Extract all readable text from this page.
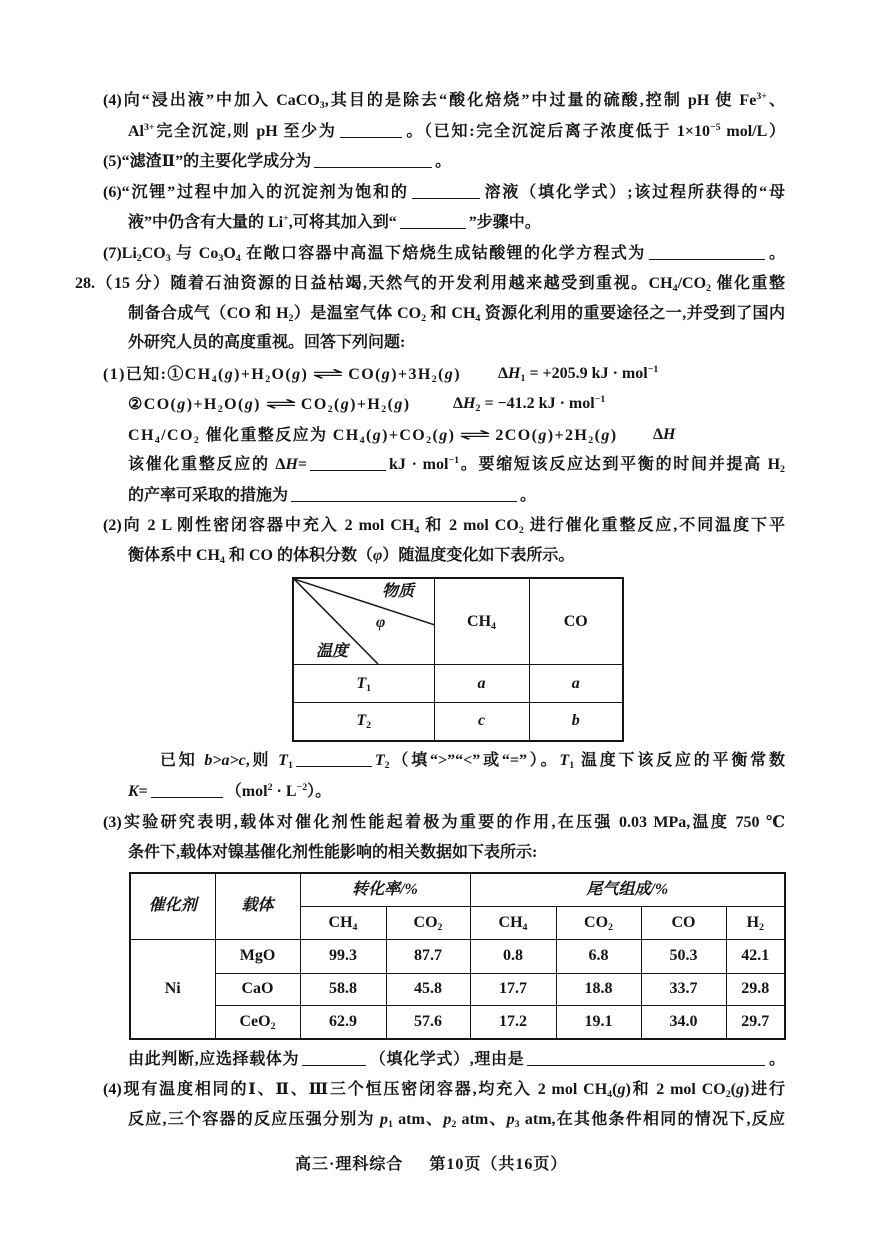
(4)向“浸出液”中加入 CaCO3,其目的是除去“酸化焙烧”中过量的硫酸,控制 pH 使 $Fe^{3+}$、
$Al^{3+}$完全沉淀,则 pH 至少为	。（已知:完全沉淀后离子浓度低于 $1\times 10^{-5}$ mol/L）
(5)“滤渣Ⅱ”的主要化学成分为	。
(6)“沉锂”过程中加入的沉淀剂为饱和的	溶液（填化学式）;该过程所获得的“母
液”中仍含有大量的 Li+,可将其加入到“	”步骤中。
(7)Li2CO3 与 Co3O4 在敞口容器中高温下焙烧生成钴酸锂的化学方程式为	。
28.（15 分）随着石油资源的日益枯竭,天然气的开发利用越来越受到重视。CH4/CO2 催化重整
制备合成气（CO 和 H2）是温室气体 CO2 和 CH4 资源化利用的重要途径之一,并受到了国内
外研究人员的高度重视。回答下列问题:
(1)已知:①CH4(g)+H2O(g) ⇌ CO(g)+3H2(g) ΔH1 = +205.9 kJ · mol$^{-1}$
②CO(g)+H2O(g) ⇌ CO2(g)+H2(g)	ΔH2 = −41.2 kJ · mol$^{-1}$
CH4/CO2 催化重整反应为 CH4(g)+CO2(g) ⇌ 2CO(g)+2H2(g) ΔH
该催化重整反应的 ΔH=	kJ · mol$^{-1}$。要缩短该反应达到平衡的时间并提高 H2
的产率可采取的措施为	。
(2)向 2 L 刚性密闭容器中充入 2 mol CH4 和 2 mol CO2 进行催化重整反应,不同温度下平
衡体系中 CH4 和 CO 的体积分数（φ）随温度变化如下表所示。
物质
φ
温度	CH4	CO
T1	a	a
T2	c	b
已知 b>a>c,则 T1	T2（填“>”“<”或“=”）。T1 温度下该反应的平衡常数
K=	$(mol^2 \cdot L^{-2})$。
(3)实验研究表明,载体对催化剂性能起着极为重要的作用,在压强 0.03 MPa,温度 750 ℃
条件下,载体对镍基催化剂性能影响的相关数据如下表所示:
催化剂	载体	转化率/%		尾气组成/%			
		CH4	CO2	CH4	CO2	CO	H2
Ni	MgO	99.3	87.7	0.8	6.8	50.3	42.1
	CaO	58.8	45.8	17.7	18.8	33.7	29.8
	CeO2	62.9	57.6	17.2	19.1	34.0	29.7
由此判断,应选择载体为	（填化学式）,理由是	。
(4)现有温度相同的Ⅰ、Ⅱ、Ⅲ三个恒压密闭容器,均充入 2 mol CH4(g)和 2 mol CO2(g)进行
反应,三个容器的反应压强分别为 p1 atm、p2 atm、p3 atm,在其他条件相同的情况下,反应
高三·理科综合 第10页（共16页）
